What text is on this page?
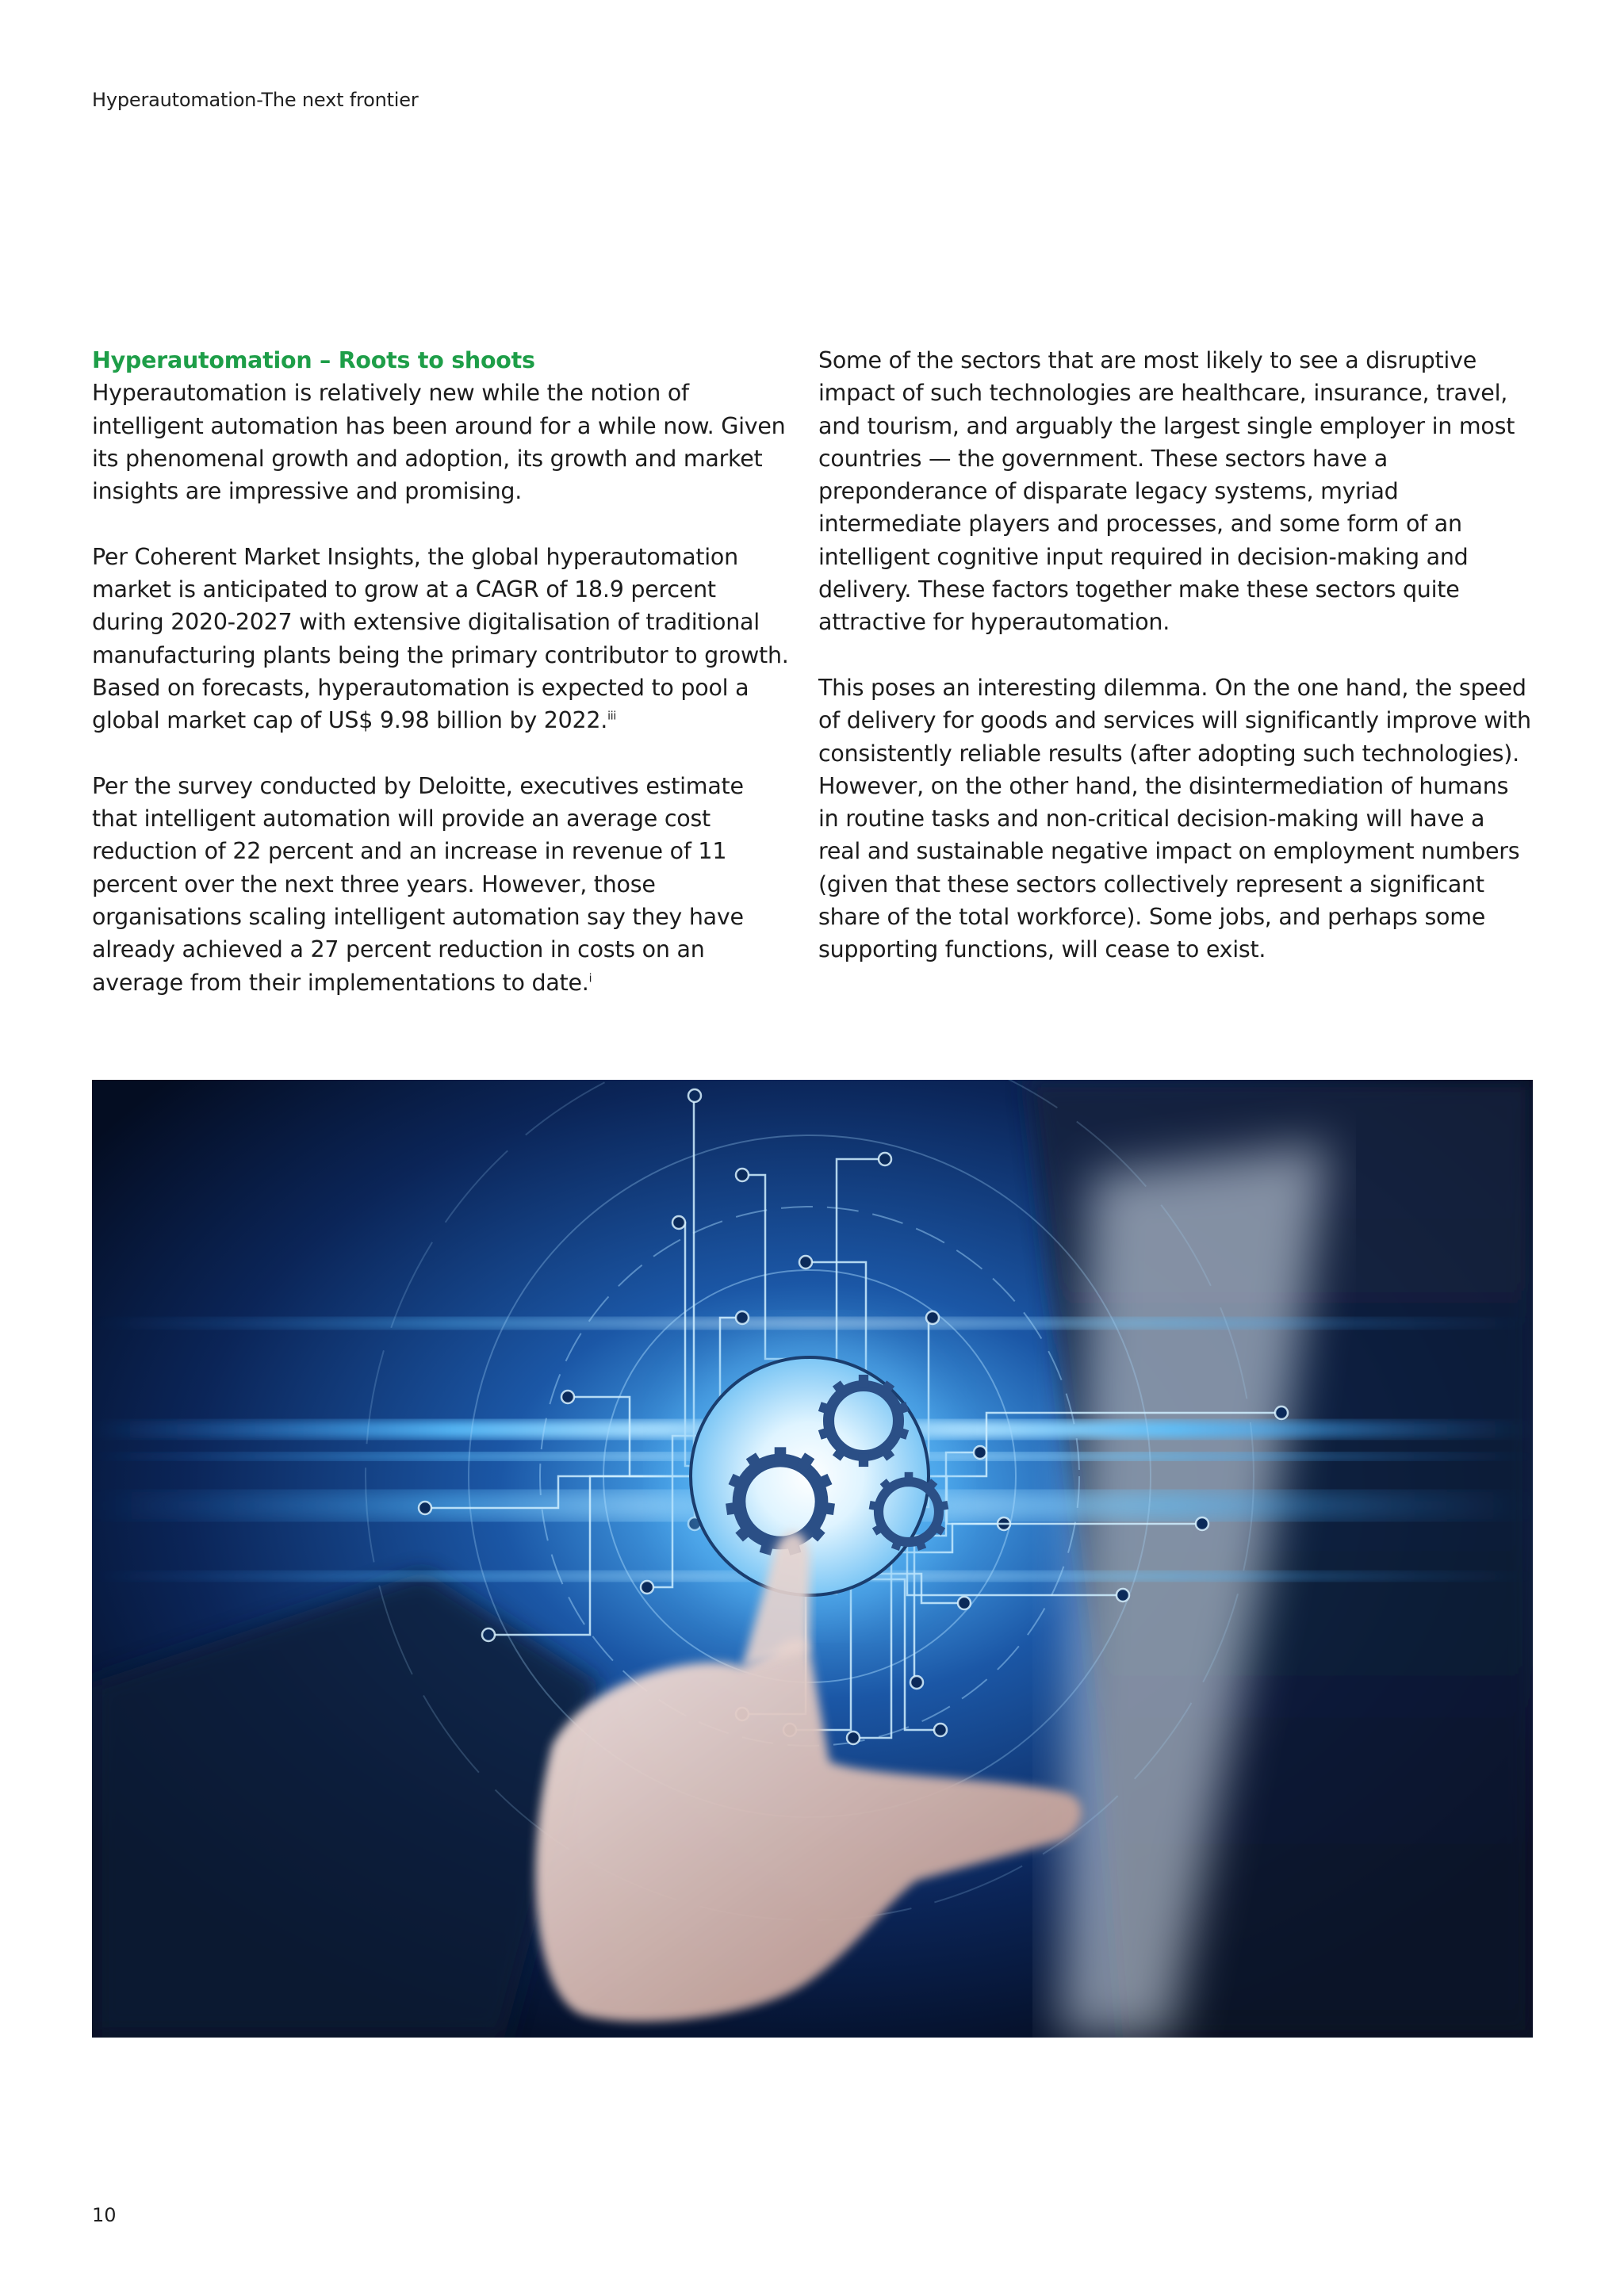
Hyperautomation-The next frontier

Hyperautomation – Roots to shoots
Hyperautomation is relatively new while the notion of intelligent automation has been around for a while now. Given its phenomenal growth and adoption, its growth and market insights are impressive and promising.

Per Coherent Market Insights, the global hyperautomation market is anticipated to grow at a CAGR of 18.9 percent during 2020-2027 with extensive digitalisation of traditional manufacturing plants being the primary contributor to growth. Based on forecasts, hyperautomation is expected to pool a global market cap of US$ 9.98 billion by 2022.$^{iii}$

Per the survey conducted by Deloitte, executives estimate that intelligent automation will provide an average cost reduction of 22 percent and an increase in revenue of 11 percent over the next three years. However, those organisations scaling intelligent automation say they have already achieved a 27 percent reduction in costs on an average from their implementations to date.$^i$

Some of the sectors that are most likely to see a disruptive impact of such technologies are healthcare, insurance, travel, and tourism, and arguably the largest single employer in most countries — the government. These sectors have a preponderance of disparate legacy systems, myriad intermediate players and processes, and some form of an intelligent cognitive input required in decision-making and delivery. These factors together make these sectors quite attractive for hyperautomation.

This poses an interesting dilemma. On the one hand, the speed of delivery for goods and services will significantly improve with consistently reliable results (after adopting such technologies). However, on the other hand, the disintermediation of humans in routine tasks and non-critical decision-making will have a real and sustainable negative impact on employment numbers (given that these sectors collectively represent a significant share of the total workforce). Some jobs, and perhaps some supporting functions, will cease to exist.

10
